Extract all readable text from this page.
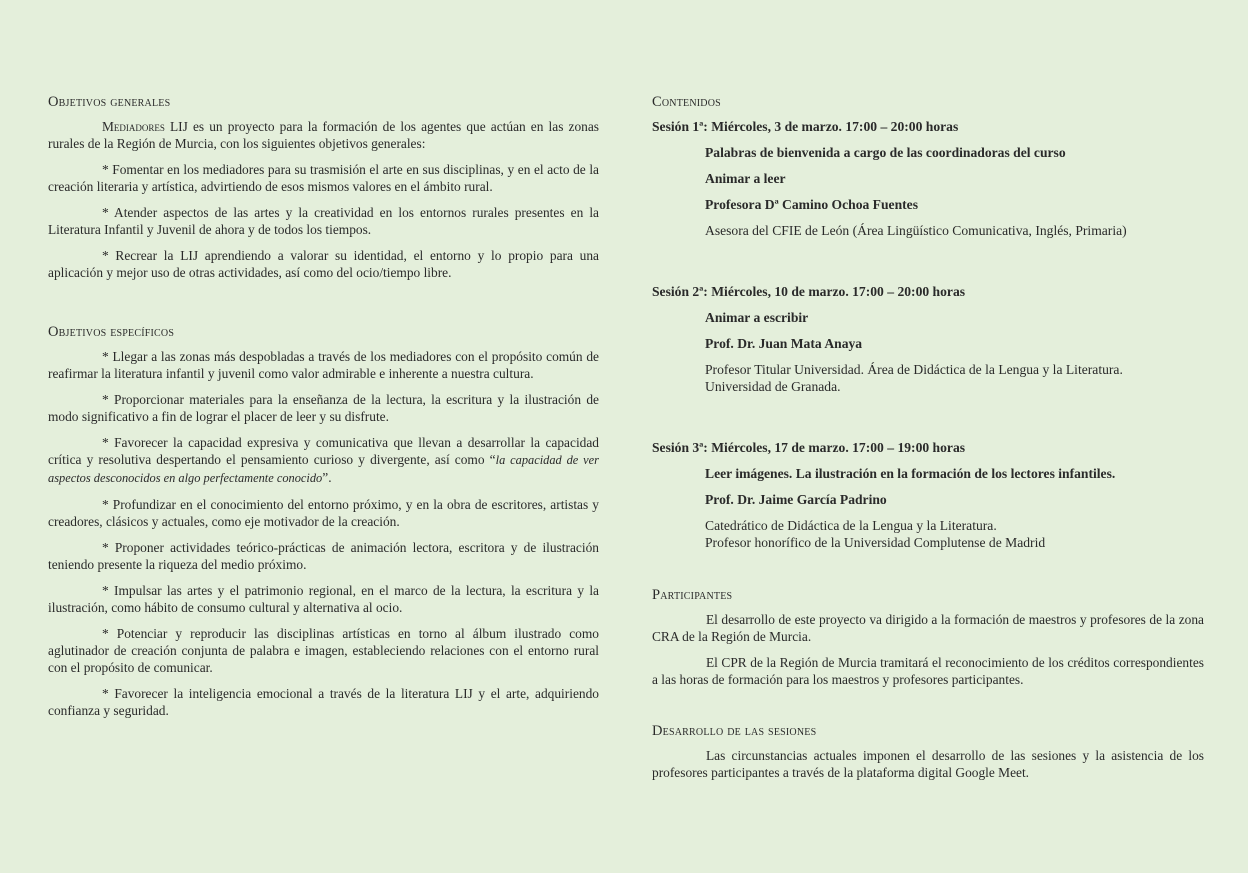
Objetivos generales

Mediadores LIJ es un proyecto para la formación de los agentes que actúan en las zonas rurales de la Región de Murcia, con los siguientes objetivos generales:

* Fomentar en los mediadores para su trasmisión el arte en sus disciplinas, y en el acto de la creación literaria y artística, advirtiendo de esos mismos valores en el ámbito rural.

* Atender aspectos de las artes y la creatividad en los entornos rurales presentes en la Literatura Infantil y Juvenil de ahora y de todos los tiempos.

* Recrear la LIJ aprendiendo a valorar su identidad, el entorno y lo propio para una aplicación y mejor uso de otras actividades, así como del ocio/tiempo libre.

Objetivos específicos

* Llegar a las zonas más despobladas a través de los mediadores con el propósito común de reafirmar la literatura infantil y juvenil como valor admirable e inherente a nuestra cultura.

* Proporcionar materiales para la enseñanza de la lectura, la escritura y la ilustración de modo significativo a fin de lograr el placer de leer y su disfrute.

* Favorecer la capacidad expresiva y comunicativa que llevan a desarrollar la capacidad crítica y resolutiva despertando el pensamiento curioso y divergente, así como “la capacidad de ver aspectos desconocidos en algo perfectamente conocido”.

* Profundizar en el conocimiento del entorno próximo, y en la obra de escritores, artistas y creadores, clásicos y actuales, como eje motivador de la creación.

* Proponer actividades teórico-prácticas de animación lectora, escritora y de ilustración teniendo presente la riqueza del medio próximo.

* Impulsar las artes y el patrimonio regional, en el marco de la lectura, la escritura y la ilustración, como hábito de consumo cultural y alternativa al ocio.

* Potenciar y reproducir las disciplinas artísticas en torno al álbum ilustrado como aglutinador de creación conjunta de palabra e imagen, estableciendo relaciones con el entorno rural con el propósito de comunicar.

* Favorecer la inteligencia emocional a través de la literatura LIJ y el arte, adquiriendo confianza y seguridad.

Contenidos
Sesión 1ª: Miércoles, 3 de marzo. 17:00 – 20:00 horas
Palabras de bienvenida a cargo de las coordinadoras del curso
Animar a leer
Profesora Dª Camino Ochoa Fuentes
Asesora del CFIE de León (Área Lingüístico Comunicativa, Inglés, Primaria)
Sesión 2ª: Miércoles, 10 de marzo. 17:00 – 20:00 horas
Animar a escribir
Prof. Dr. Juan Mata Anaya
Profesor Titular Universidad. Área de Didáctica de la Lengua y la Literatura.
Universidad de Granada.
Sesión 3ª: Miércoles, 17 de marzo. 17:00 – 19:00 horas
Leer imágenes. La ilustración en la formación de los lectores infantiles.
Prof. Dr. Jaime García Padrino
Catedrático de Didáctica de la Lengua y la Literatura.
Profesor honorífico de la Universidad Complutense de Madrid
Participantes

El desarrollo de este proyecto va dirigido a la formación de maestros y profesores de la zona CRA de la Región de Murcia.

El CPR de la Región de Murcia tramitará el reconocimiento de los créditos correspondientes a las horas de formación para los maestros y profesores participantes.

Desarrollo de las sesiones

Las circunstancias actuales imponen el desarrollo de las sesiones y la asistencia de los profesores participantes a través de la plataforma digital Google Meet.
